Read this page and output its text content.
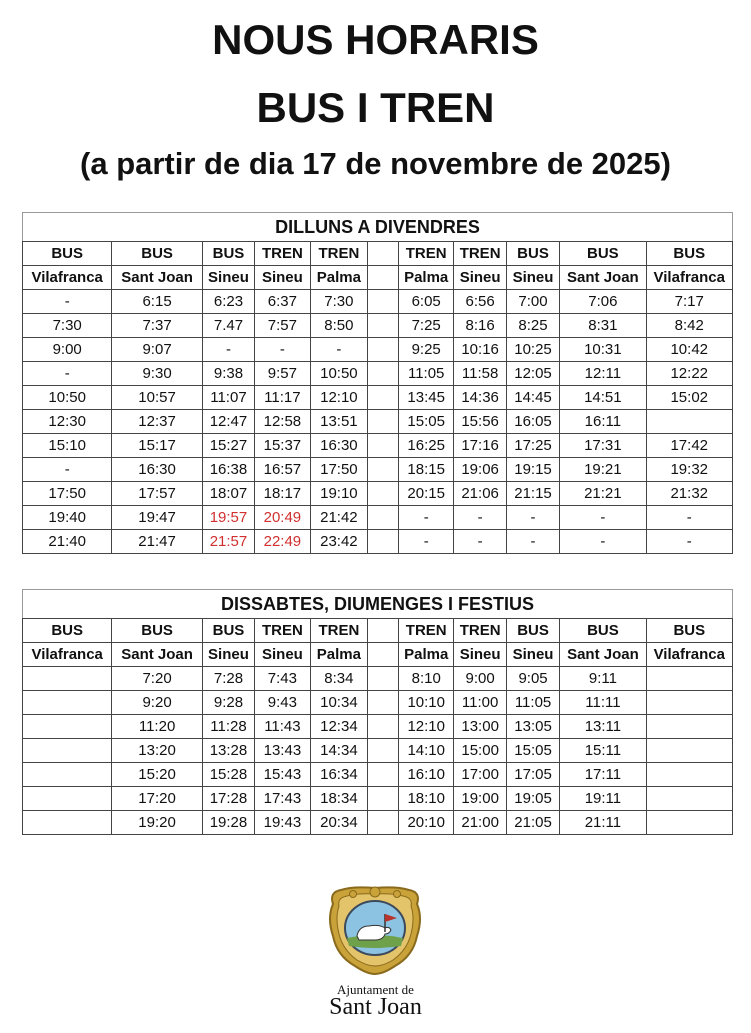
NOUS HORARIS
BUS I TREN
(a partir de dia 17 de novembre de 2025)
DILLUNS A DIVENDRES										
BUS	BUS	BUS	TREN	TREN		TREN	TREN	BUS	BUS	BUS
Vilafranca	Sant Joan	Sineu	Sineu	Palma		Palma	Sineu	Sineu	Sant Joan	Vilafranca
-	6:15	6:23	6:37	7:30		6:05	6:56	7:00	7:06	7:17
7:30	7:37	7.47	7:57	8:50		7:25	8:16	8:25	8:31	8:42
9:00	9:07	-	-	-		9:25	10:16	10:25	10:31	10:42
-	9:30	9:38	9:57	10:50		11:05	11:58	12:05	12:11	12:22
10:50	10:57	11:07	11:17	12:10		13:45	14:36	14:45	14:51	15:02
12:30	12:37	12:47	12:58	13:51		15:05	15:56	16:05	16:11	
15:10	15:17	15:27	15:37	16:30		16:25	17:16	17:25	17:31	17:42
-	16:30	16:38	16:57	17:50		18:15	19:06	19:15	19:21	19:32
17:50	17:57	18:07	18:17	19:10		20:15	21:06	21:15	21:21	21:32
19:40	19:47	19:57	20:49	21:42		-	-	-	-	-
21:40	21:47	21:57	22:49	23:42		-	-	-	-	-
DISSABTES, DIUMENGES I FESTIUS										
BUS	BUS	BUS	TREN	TREN		TREN	TREN	BUS	BUS	BUS
Vilafranca	Sant Joan	Sineu	Sineu	Palma		Palma	Sineu	Sineu	Sant Joan	Vilafranca
	7:20	7:28	7:43	8:34		8:10	9:00	9:05	9:11	
	9:20	9:28	9:43	10:34		10:10	11:00	11:05	11:11	
	11:20	11:28	11:43	12:34		12:10	13:00	13:05	13:11	
	13:20	13:28	13:43	14:34		14:10	15:00	15:05	15:11	
	15:20	15:28	15:43	16:34		16:10	17:00	17:05	17:11	
	17:20	17:28	17:43	18:34		18:10	19:00	19:05	19:11	
	19:20	19:28	19:43	20:34		20:10	21:00	21:05	21:11	
Ajuntament de
Sant Joan
